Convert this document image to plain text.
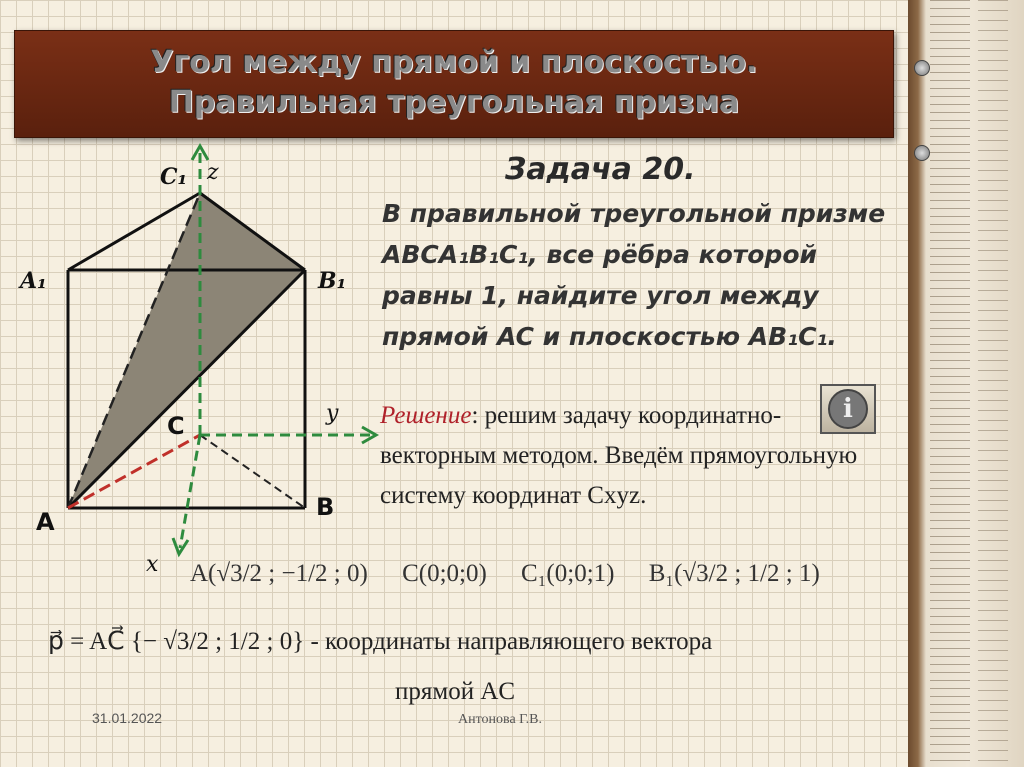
Угол между прямой и плоскостью.
Правильная треугольная призма
C₁ z
A₁	B₁
C	y
A
B
x
Задача 20.
В правильной треугольной призме ABCA₁B₁C₁, все рёбра которой равны 1, найдите угол между прямой AC и плоскостью AB₁C₁.
Решение: решим задачу координатно-векторным методом. Введём прямоугольную систему координат Cxyz.
i
A(√3/2 ; −1/2 ; 0) C(0;0;0) C₁(0;0;1) B₁(√3/2 ; 1/2 ; 1)
p⃗ = AC⃗ {− √3/2 ; 1/2 ; 0} - координаты направляющего вектора
прямой AC
31.01.2022	Антонова Г.В.
